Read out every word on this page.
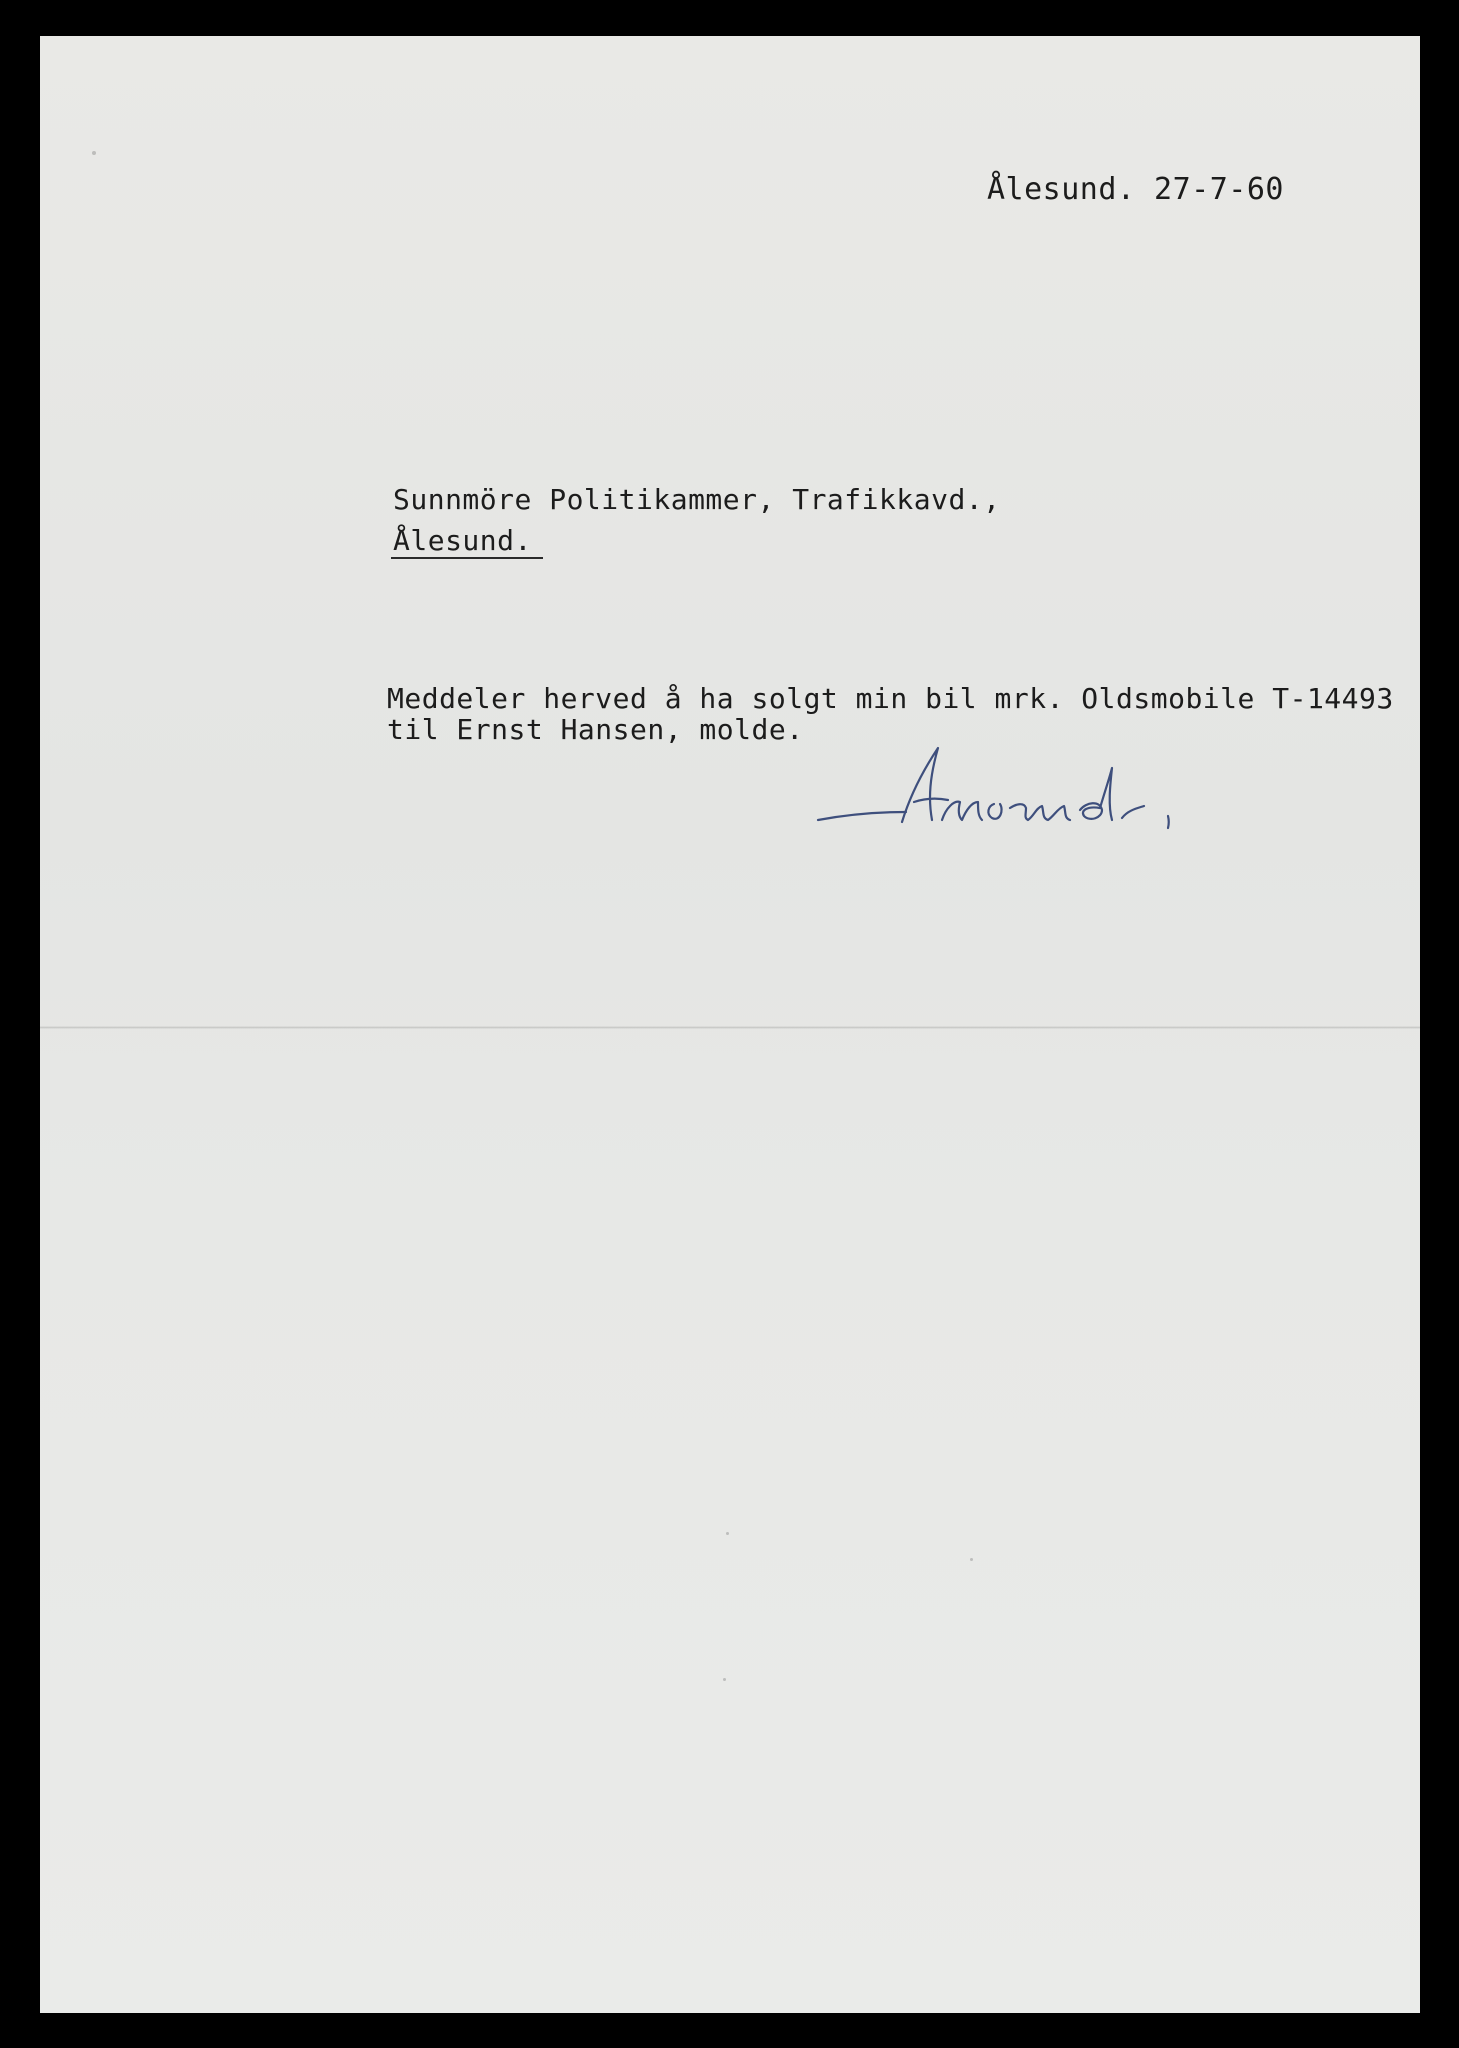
Ålesund. 27-7-60
Sunnmöre Politikammer, Trafikkavd.,
Ålesund.
Meddeler herved å ha solgt min bil mrk. Oldsmobile T-14493
til Ernst Hansen, molde.
